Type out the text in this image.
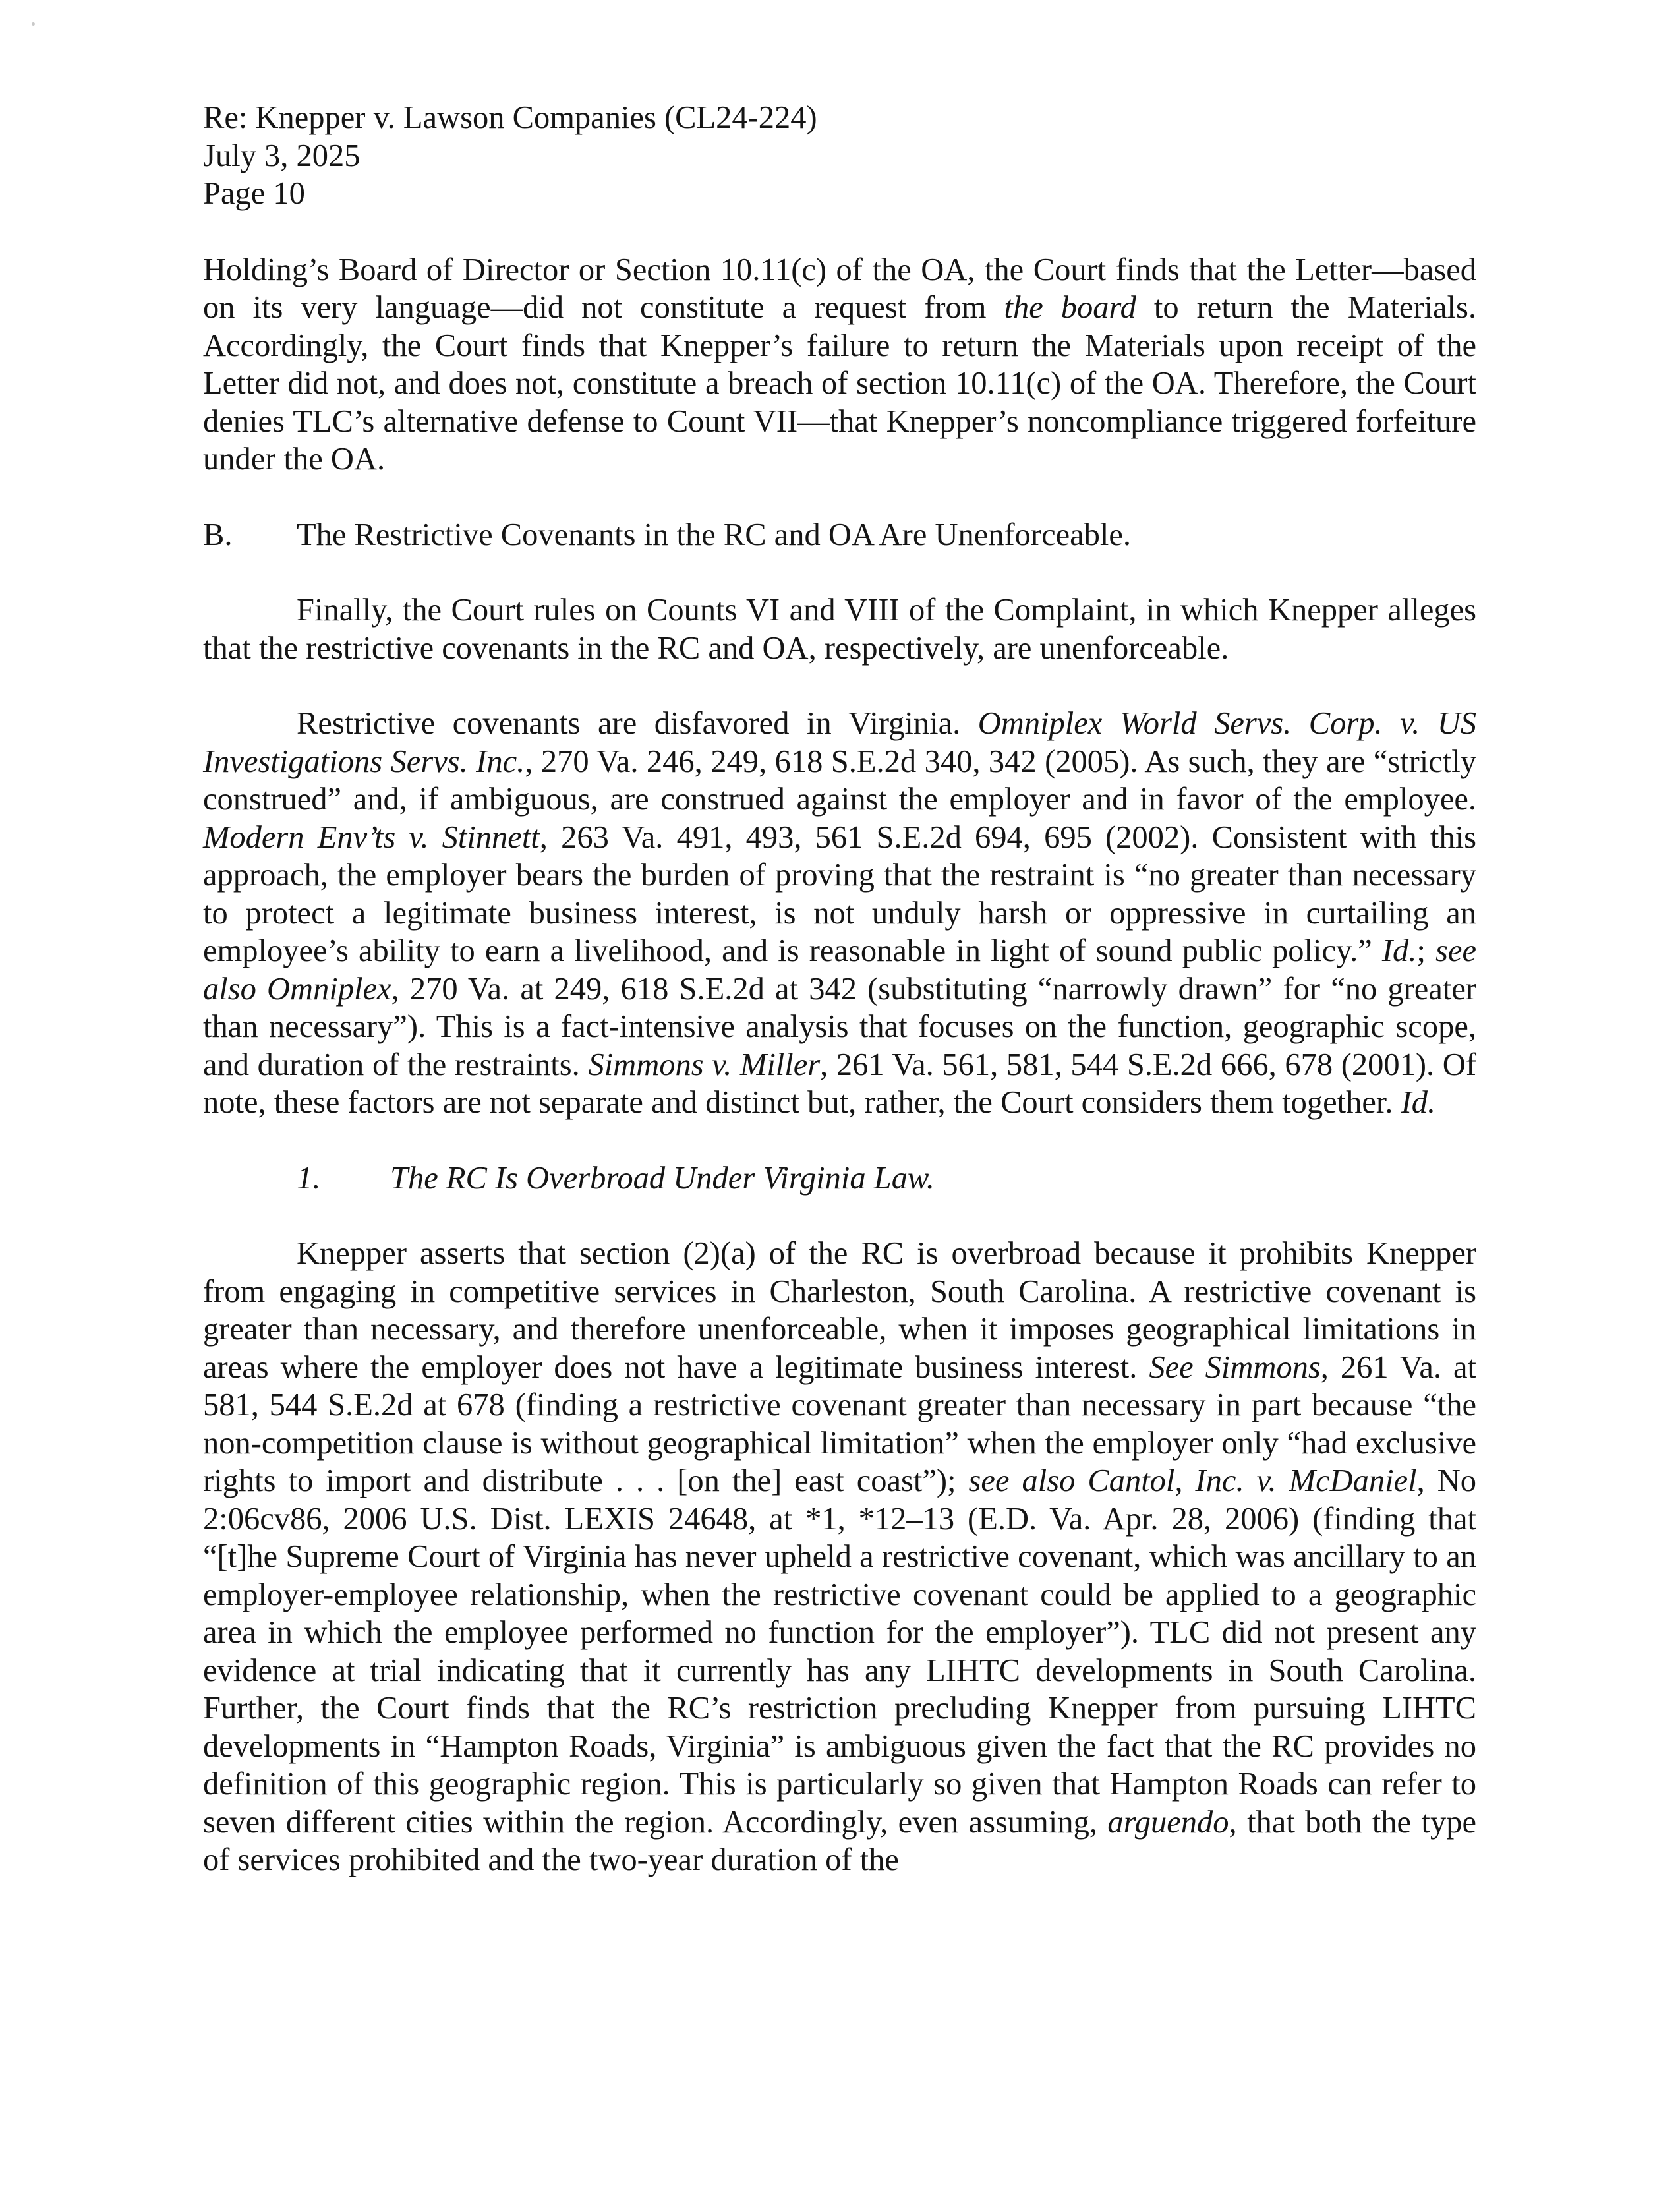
Re: Knepper v. Lawson Companies (CL24-224)

July 3, 2025

Page 10

Holding’s Board of Director or Section 10.11(c) of the OA, the Court finds that the Letter—based on its very language—did not constitute a request from the board to return the Materials. Accordingly, the Court finds that Knepper’s failure to return the Materials upon receipt of the Letter did not, and does not, constitute a breach of section 10.11(c) of the OA. Therefore, the Court denies TLC’s alternative defense to Count VII—that Knepper’s noncompliance triggered forfeiture under the OA.

B.	The Restrictive Covenants in the RC and OA Are Unenforceable.

Finally, the Court rules on Counts VI and VIII of the Complaint, in which Knepper alleges that the restrictive covenants in the RC and OA, respectively, are unenforceable.

Restrictive covenants are disfavored in Virginia. Omniplex World Servs. Corp. v. US Investigations Servs. Inc., 270 Va. 246, 249, 618 S.E.2d 340, 342 (2005). As such, they are “strictly construed” and, if ambiguous, are construed against the employer and in favor of the employee. Modern Env’ts v. Stinnett, 263 Va. 491, 493, 561 S.E.2d 694, 695 (2002). Consistent with this approach, the employer bears the burden of proving that the restraint is “no greater than necessary to protect a legitimate business interest, is not unduly harsh or oppressive in curtailing an employee’s ability to earn a livelihood, and is reasonable in light of sound public policy.” Id.; see also Omniplex, 270 Va. at 249, 618 S.E.2d at 342 (substituting “narrowly drawn” for “no greater than necessary”). This is a fact-intensive analysis that focuses on the function, geographic scope, and duration of the restraints. Simmons v. Miller, 261 Va. 561, 581, 544 S.E.2d 666, 678 (2001). Of note, these factors are not separate and distinct but, rather, the Court considers them together. Id.

1.	The RC Is Overbroad Under Virginia Law.

Knepper asserts that section (2)(a) of the RC is overbroad because it prohibits Knepper from engaging in competitive services in Charleston, South Carolina. A restrictive covenant is greater than necessary, and therefore unenforceable, when it imposes geographical limitations in areas where the employer does not have a legitimate business interest. See Simmons, 261 Va. at 581, 544 S.E.2d at 678 (finding a restrictive covenant greater than necessary in part because “the non-competition clause is without geographical limitation” when the employer only “had exclusive rights to import and distribute . . . [on the] east coast”); see also Cantol, Inc. v. McDaniel, No 2:06cv86, 2006 U.S. Dist. LEXIS 24648, at *1, *12–13 (E.D. Va. Apr. 28, 2006) (finding that “[t]he Supreme Court of Virginia has never upheld a restrictive covenant, which was ancillary to an employer-employee relationship, when the restrictive covenant could be applied to a geographic area in which the employee performed no function for the employer”). TLC did not present any evidence at trial indicating that it currently has any LIHTC developments in South Carolina. Further, the Court finds that the RC’s restriction precluding Knepper from pursuing LIHTC developments in “Hampton Roads, Virginia” is ambiguous given the fact that the RC provides no definition of this geographic region. This is particularly so given that Hampton Roads can refer to seven different cities within the region. Accordingly, even assuming, arguendo, that both the type of services prohibited and the two-year duration of the
